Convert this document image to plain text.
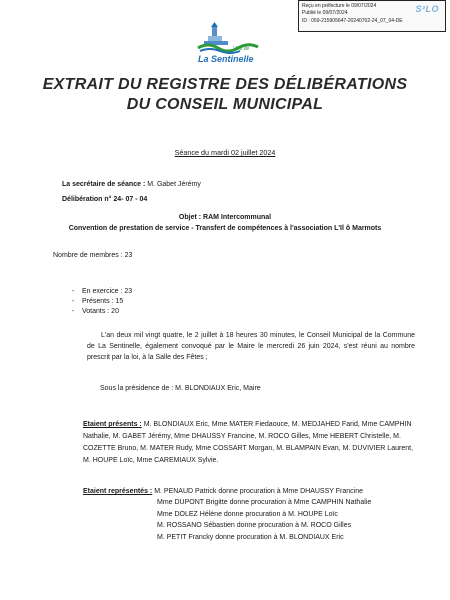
Reçu en préfecture le 09/07/2024
Publié le 09/07/2024
ID : 059-215905647-20240702-24_07_04-DE
S²LO
Ville de
La Sentinelle
EXTRAIT DU REGISTRE DES DÉLIBÉRATIONS
DU CONSEIL MUNICIPAL
Séance du mardi 02 juillet 2024
La secrétaire de séance : M. Gabet Jérémy
Délibération n° 24- 07 - 04
Objet : RAM Intercommunal
Convention de prestation de service - Transfert de compétences à l'association L'Il ô Marmots
Nombre de membres : 23
- En exercice : 23
- Présents : 15
- Votants : 20
L'an deux mil vingt quatre, le 2 juillet à 18 heures 30 minutes, le Conseil Municipal de la Commune de La Sentinelle, également convoqué par le Maire le mercredi 26 juin 2024, s'est réuni au nombre prescrit par la loi, à la Salle des Fêtes ;
Sous la présidence de : M. BLONDIAUX Eric, Maire
Etaient présents : M. BLONDIAUX Eric, Mme MATER Fiedaouce, M. MEDJAHED Farid, Mme CAMPHIN Nathalie, M. GABET Jérémy, Mme DHAUSSY Francine, M. ROCO Gilles, Mme HEBERT Christelle, M. COZETTE Bruno, M. MATER Rudy, Mme COSSART Morgan, M. BLAMPAIN Evan, M. DUVIVIER Laurent, M. HOUPE Loïc, Mme CAREMIAUX Sylvie.
Etaient représentés : M. PENAUD Patrick donne procuration à Mme DHAUSSY Francine
Mme DUPONT Brigitte donne procuration à Mme CAMPHIN Nathalie
Mme DOLEZ Hélène donne procuration à M. HOUPE Loïc
M. ROSSANO Sébastien donne procuration à M. ROCO Gilles
M. PETIT Francky donne procuration à M. BLONDIAUX Eric
